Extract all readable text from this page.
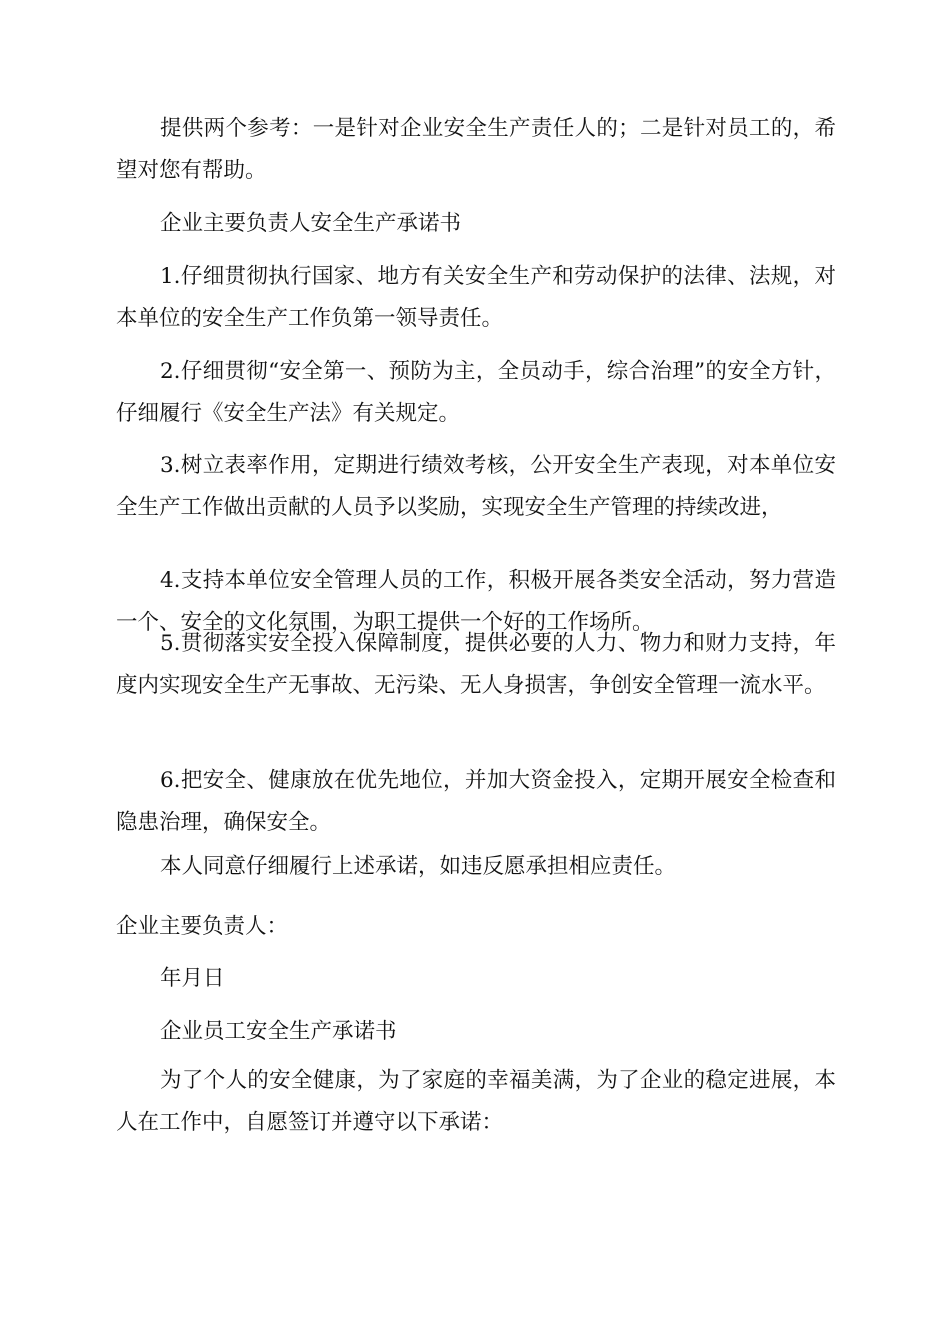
提供两个参考：一是针对企业安全生产责任人的；二是针对员工的，希望对您有帮助。

企业主要负责人安全生产承诺书

1.仔细贯彻执行国家、地方有关安全生产和劳动保护的法律、法规，对本单位的安全生产工作负第一领导责任。

2.仔细贯彻“安全第一、预防为主，全员动手，综合治理”的安全方针，仔细履行《安全生产法》有关规定。

3.树立表率作用，定期进行绩效考核，公开安全生产表现，对本单位安全生产工作做出贡献的人员予以奖励，实现安全生产管理的持续改进，

4.支持本单位安全管理人员的工作，积极开展各类安全活动，努力营造一个、安全的文化氛围，为职工提供一个好的工作场所。

5.贯彻落实安全投入保障制度，提供必要的人力、物力和财力支持，年度内实现安全生产无事故、无污染、无人身损害，争创安全管理一流水平。

6.把安全、健康放在优先地位，并加大资金投入，定期开展安全检查和隐患治理，确保安全。

本人同意仔细履行上述承诺，如违反愿承担相应责任。

企业主要负责人：

年月日

企业员工安全生产承诺书

为了个人的安全健康，为了家庭的幸福美满，为了企业的稳定进展，本人在工作中，自愿签订并遵守以下承诺：
